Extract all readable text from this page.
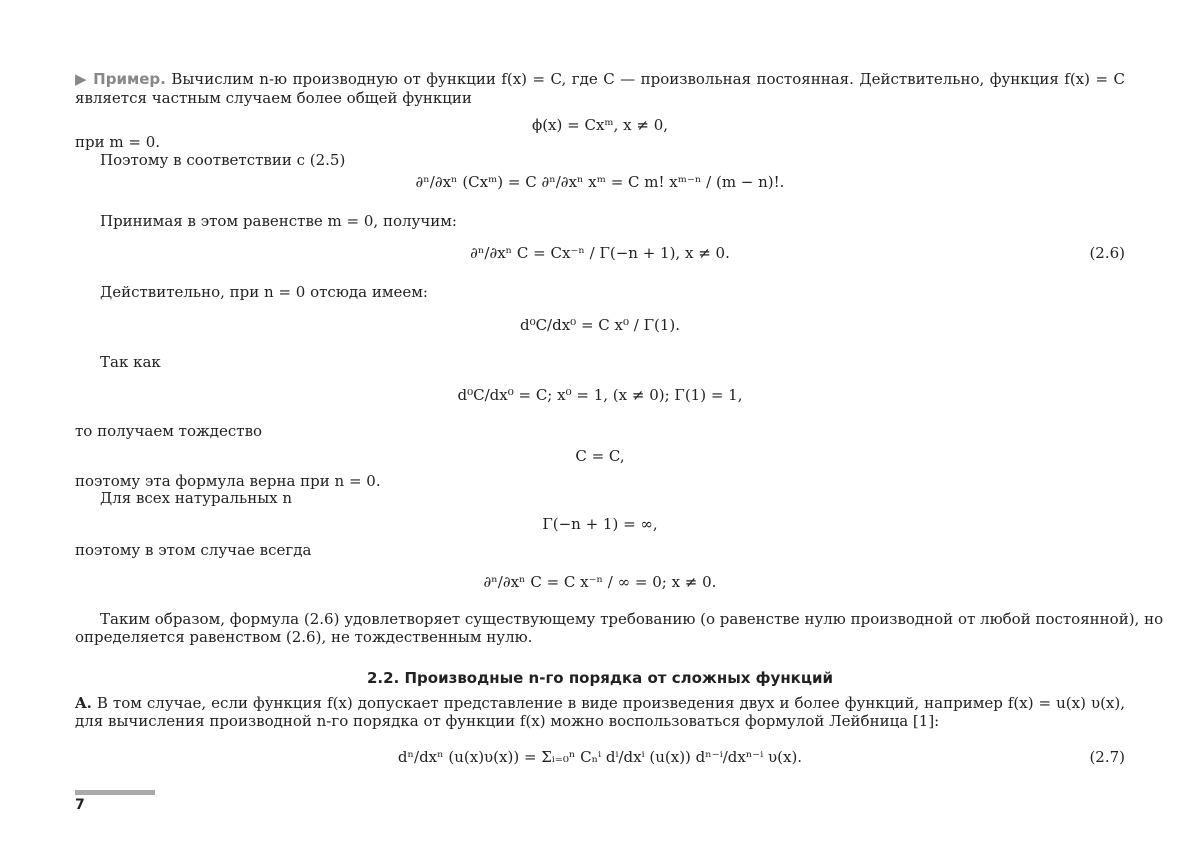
▶ Пример. Вычислим n-ю производную от функции f(x) = C, где C — произвольная постоянная. Действительно, функция f(x) = C
является частным случаем более общей функции
ϕ(x) = Cxᵐ, x ≠ 0,
при m = 0.
Поэтому в соответствии с (2.5)
∂ⁿ/∂xⁿ (Cxᵐ) = C ∂ⁿ/∂xⁿ xᵐ = C m! xᵐ⁻ⁿ / (m − n)!.
Принимая в этом равенстве m = 0, получим:
∂ⁿ/∂xⁿ C = Cx⁻ⁿ / Γ(−n + 1), x ≠ 0.	(2.6)
Действительно, при n = 0 отсюда имеем:
d⁰C/dx⁰ = C x⁰ / Γ(1).
Так как
d⁰C/dx⁰ = C; x⁰ = 1, (x ≠ 0); Γ(1) = 1,
то получаем тождество
C = C,
поэтому эта формула верна при n = 0.
Для всех натуральных n
Γ(−n + 1) = ∞,
поэтому в этом случае всегда
∂ⁿ/∂xⁿ C = C x⁻ⁿ / ∞ = 0; x ≠ 0.
Таким образом, формула (2.6) удовлетворяет существующему требованию (о равенстве нулю производной от любой постоянной), но
определяется равенством (2.6), не тождественным нулю.
2.2. Производные n-го порядка от сложных функций
A. В том случае, если функция f(x) допускает представление в виде произведения двух и более функций, например f(x) = u(x) υ(x),
для вычисления производной n-го порядка от функции f(x) можно воспользоваться формулой Лейбница [1]:
dⁿ/dxⁿ (u(x)υ(x)) = Σᵢ₌₀ⁿ Cₙⁱ dⁱ/dxⁱ (u(x)) dⁿ⁻ⁱ/dxⁿ⁻ⁱ υ(x).	(2.7)
7
